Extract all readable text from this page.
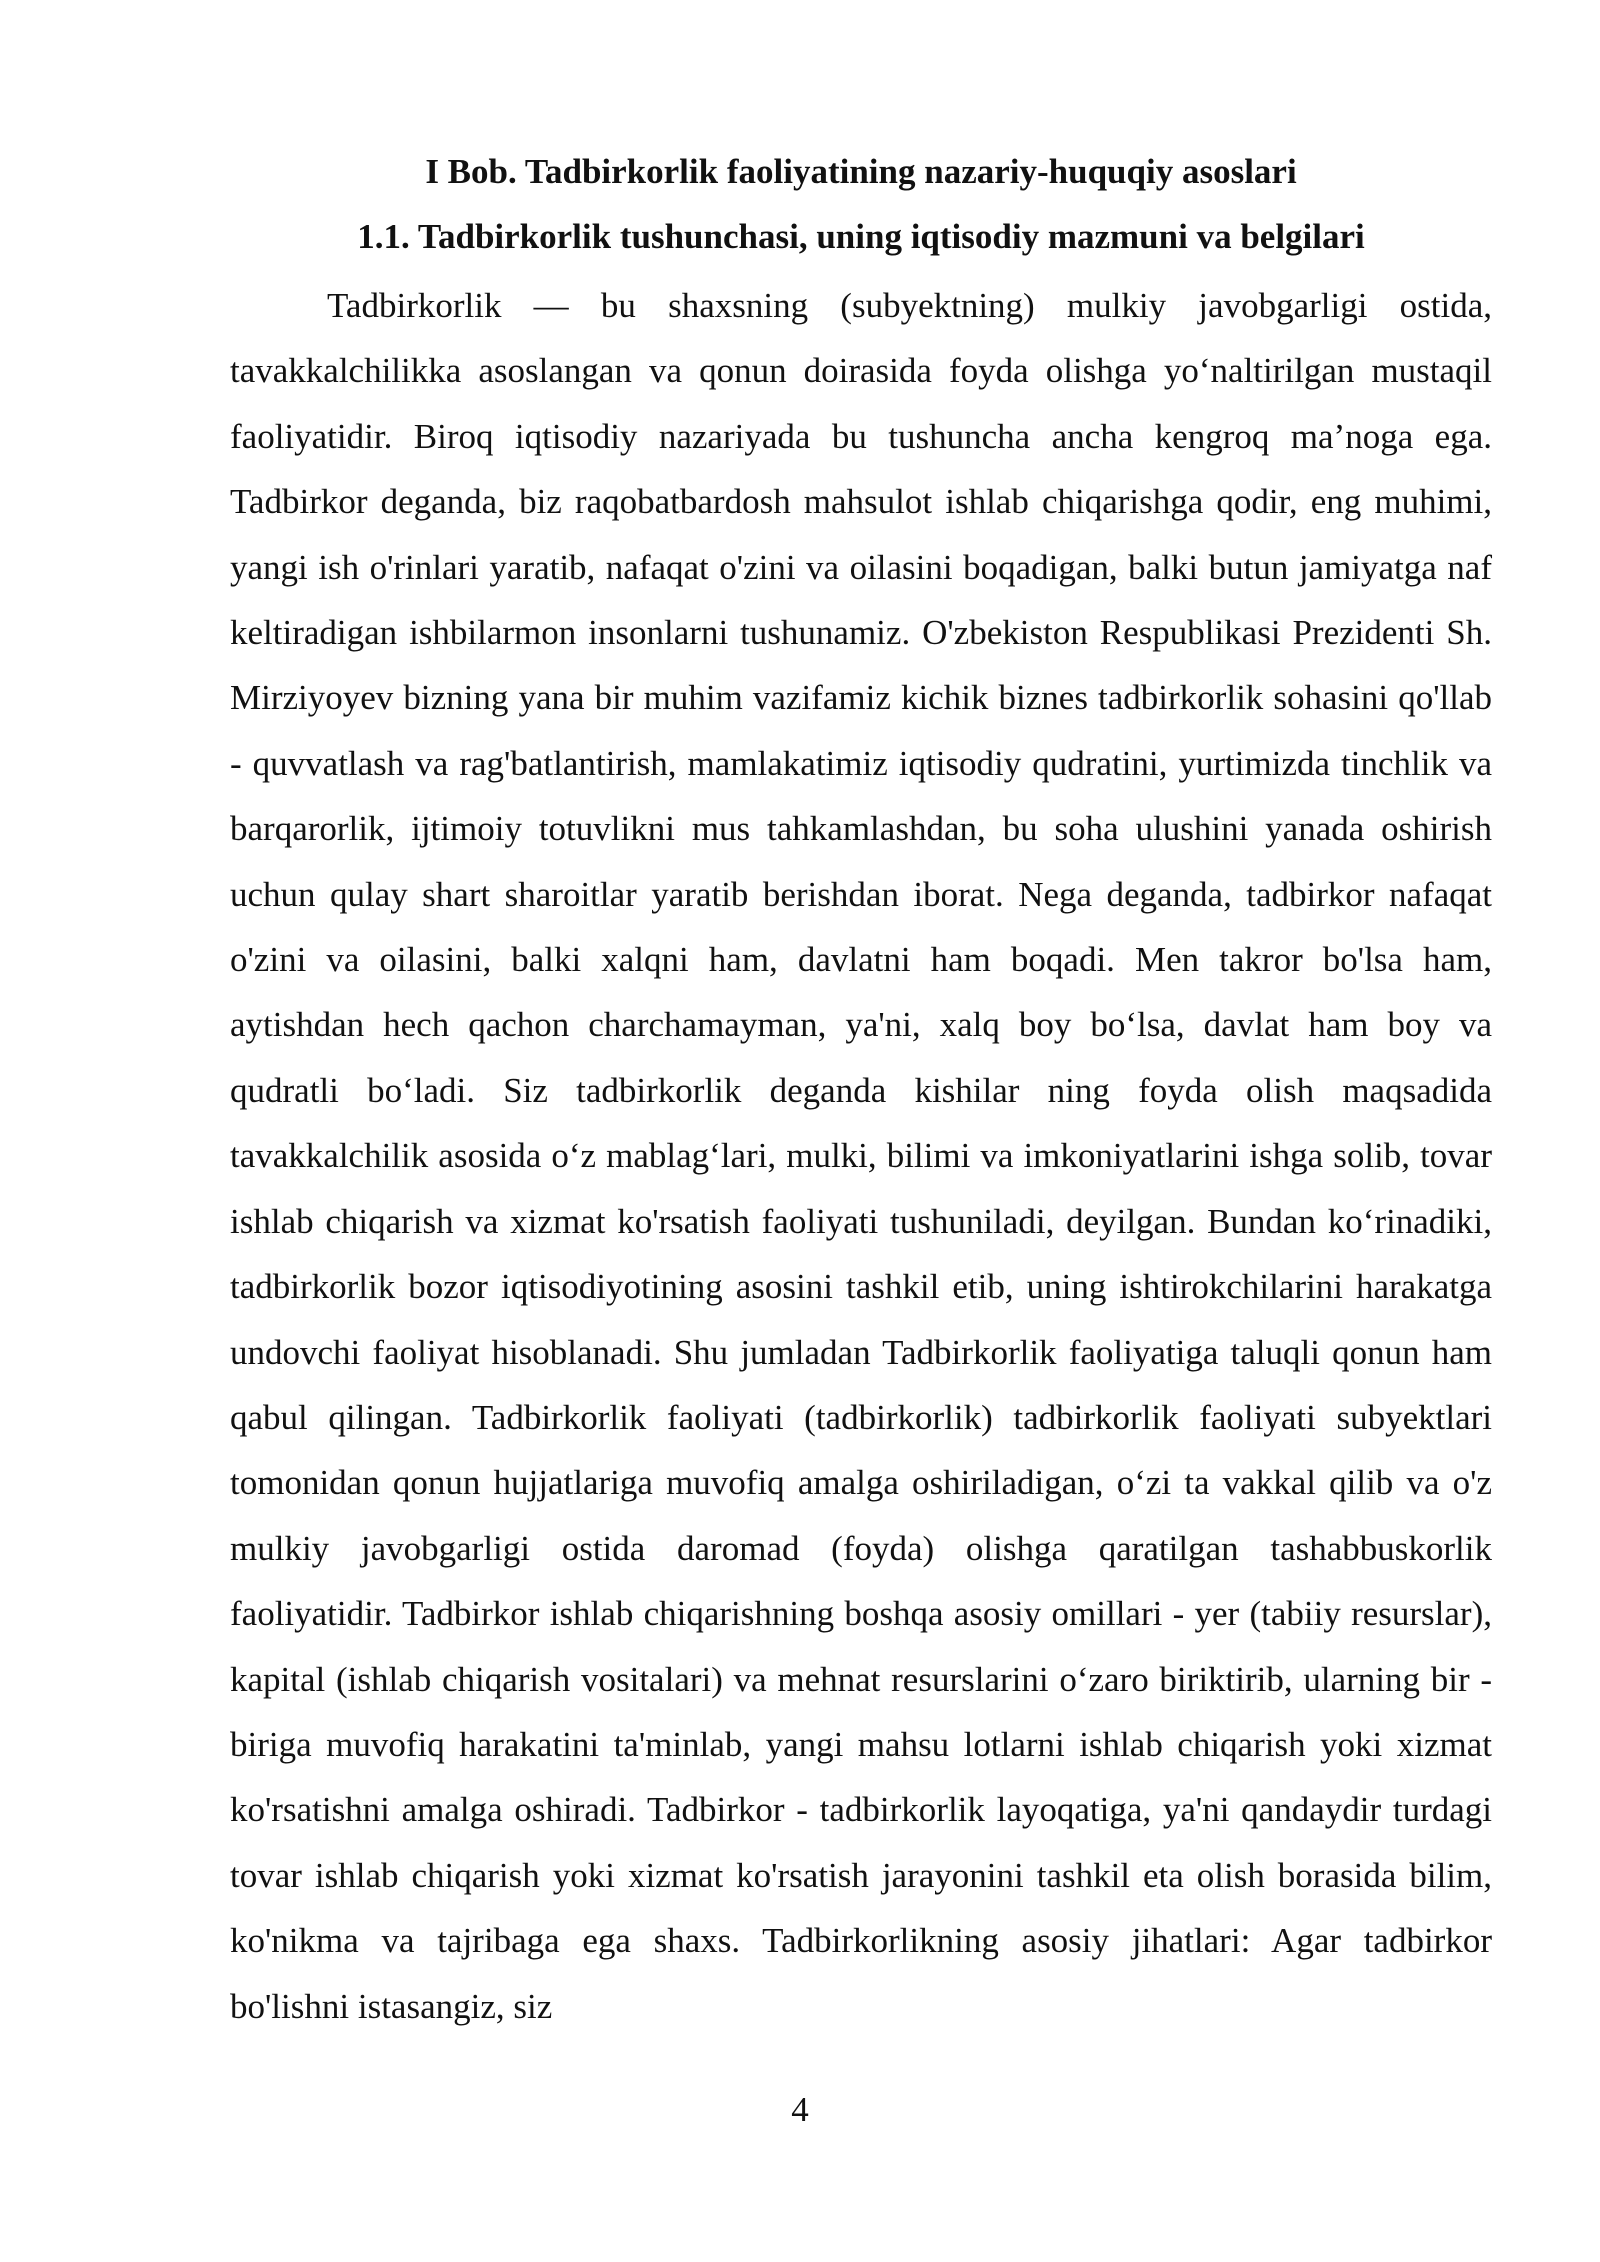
I Bob. Tadbirkorlik faoliyatining nazariy-huquqiy asoslari
1.1. Tadbirkorlik tushunchasi, uning iqtisodiy mazmuni va belgilari

Tadbirkorlik — bu shaxsning (subyektning) mulkiy javobgarligi ostida, tavakkalchilikka asoslangan va qonun doirasida foyda olishga yo‘naltirilgan mustaqil faoliyatidir. Biroq iqtisodiy nazariyada bu tushuncha ancha kengroq ma’noga ega. Tadbirkor deganda, biz raqobatbardosh mahsulot ishlab chiqarishga qodir, eng muhimi, yangi ish o'rinlari yaratib, nafaqat o'zini va oilasini boqadigan, balki butun jamiyatga naf keltiradigan ishbilarmon insonlarni tushunamiz. O'zbekiston Respublikasi Prezidenti Sh. Mirziyoyev bizning yana bir muhim vazifamiz kichik biznes tadbirkorlik sohasini qo'llab - quvvatlash va rag'batlantirish, mamlakatimiz iqtisodiy qudratini, yurtimizda tinchlik va barqarorlik, ijtimoiy totuvlikni mus tahkamlashdan, bu soha ulushini yanada oshirish uchun qulay shart sharoitlar yaratib berishdan iborat. Nega deganda, tadbirkor nafaqat o'zini va oilasini, balki xalqni ham, davlatni ham boqadi. Men takror bo'lsa ham, aytishdan hech qachon charchamayman, ya'ni, xalq boy bo‘lsa, davlat ham boy va qudratli bo‘ladi. Siz tadbirkorlik deganda kishilar ning foyda olish maqsadida tavakkalchilik asosida o‘z mablag‘lari, mulki, bilimi va imkoniyatlarini ishga solib, tovar ishlab chiqarish va xizmat ko'rsatish faoliyati tushuniladi, deyilgan. Bundan ko‘rinadiki, tadbirkorlik bozor iqtisodiyotining asosini tashkil etib, uning ishtirokchilarini harakatga undovchi faoliyat hisoblanadi. Shu jumladan Tadbirkorlik faoliyatiga taluqli qonun ham qabul qilingan. Tadbirkorlik faoliyati (tadbirkorlik) tadbirkorlik faoliyati subyektlari tomonidan qonun hujjatlariga muvofiq amalga oshiriladigan, o‘zi ta vakkal qilib va o'z mulkiy javobgarligi ostida daromad (foyda) olishga qaratilgan tashabbuskorlik faoliyatidir. Tadbirkor ishlab chiqarishning boshqa asosiy omillari - yer (tabiiy resurslar), kapital (ishlab chiqarish vositalari) va mehnat resurslarini o‘zaro biriktirib, ularning bir - biriga muvofiq harakatini ta'minlab, yangi mahsu lotlarni ishlab chiqarish yoki xizmat ko'rsatishni amalga oshiradi. Tadbirkor - tadbirkorlik layoqatiga, ya'ni qandaydir turdagi tovar ishlab chiqarish yoki xizmat ko'rsatish jarayonini tashkil eta olish borasida bilim, ko'nikma va tajribaga ega shaxs. Tadbirkorlikning asosiy jihatlari: Agar tadbirkor bo'lishni istasangiz, siz

4
